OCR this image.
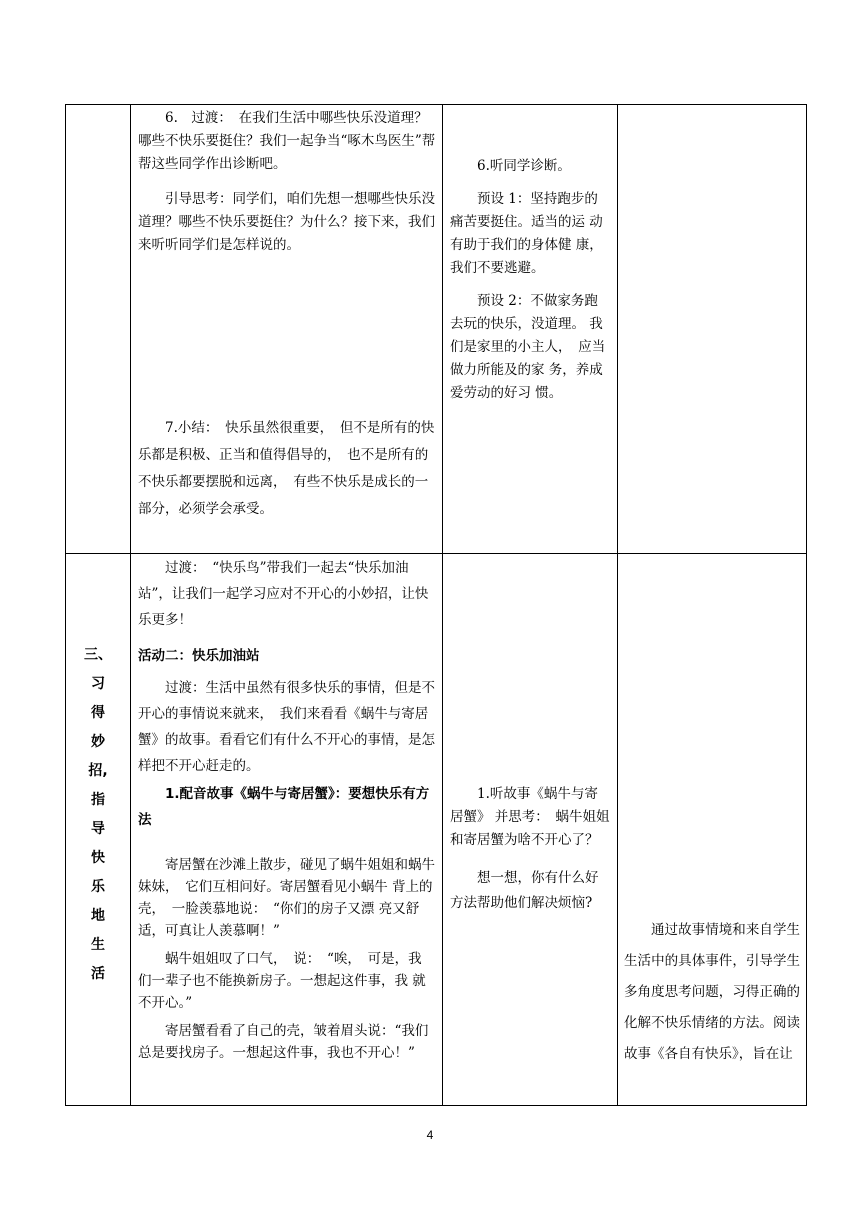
6.　过渡：　在我们生活中哪些快乐没道理？哪些不快乐要挺住？我们一起争当“啄木鸟医生”帮帮这些同学作出诊断吧。

引导思考：同学们，咱们先想一想哪些快乐没道理？哪些不快乐要挺住？为什么？接下来，我们来听听同学们是怎样说的。

7.小结：　快乐虽然很重要，　但不是所有的快乐都是积极、正当和值得倡导的，　也不是所有的不快乐都要摆脱和远离，　有些不快乐是成长的一部分，必须学会承受。

6.听同学诊断。

预设 1：坚持跑步的 痛苦要挺住。适当的运 动有助于我们的身体健 康，我们不要逃避。

预设 2：不做家务跑 去玩的快乐，没道理。 我们是家里的小主人，　应当做力所能及的家 务，养成爱劳动的好习 惯。

三、
习
得
妙
招,
指
导
快
乐
地
生
活

过渡：　“快乐鸟”带我们一起去“快乐加油站”，让我们一起学习应对不开心的小妙招，让快乐更多！

活动二：快乐加油站

过渡：生活中虽然有很多快乐的事情，但是不开心的事情说来就来，　我们来看看《蜗牛与寄居蟹》的故事。看看它们有什么不开心的事情，是怎样把不开心赶走的。

1.配音故事《蜗牛与寄居蟹》：要想快乐有方法

寄居蟹在沙滩上散步，碰见了蜗牛姐姐和蜗牛妹妹，　它们互相问好。寄居蟹看见小蜗牛 背上的壳，　一脸羡慕地说：　“你们的房子又漂 亮又舒适，可真让人羡慕啊！”

蜗牛姐姐叹了口气，　说：　“唉，　可是，我 们一辈子也不能换新房子。一想起这件事，我 就不开心。”

寄居蟹看看了自己的壳，皱着眉头说：“我们总是要找房子。一想起这件事，我也不开心！”

1.听故事《蜗牛与寄居蟹》 并思考：　蜗牛姐姐和寄居蟹为啥不开心了？

想一想，你有什么好方法帮助他们解决烦恼?

通过故事情境和来自学生生活中的具体事件，引导学生多角度思考问题，习得正确的化解不快乐情绪的方法。阅读故事《各自有快乐》，旨在让

4
